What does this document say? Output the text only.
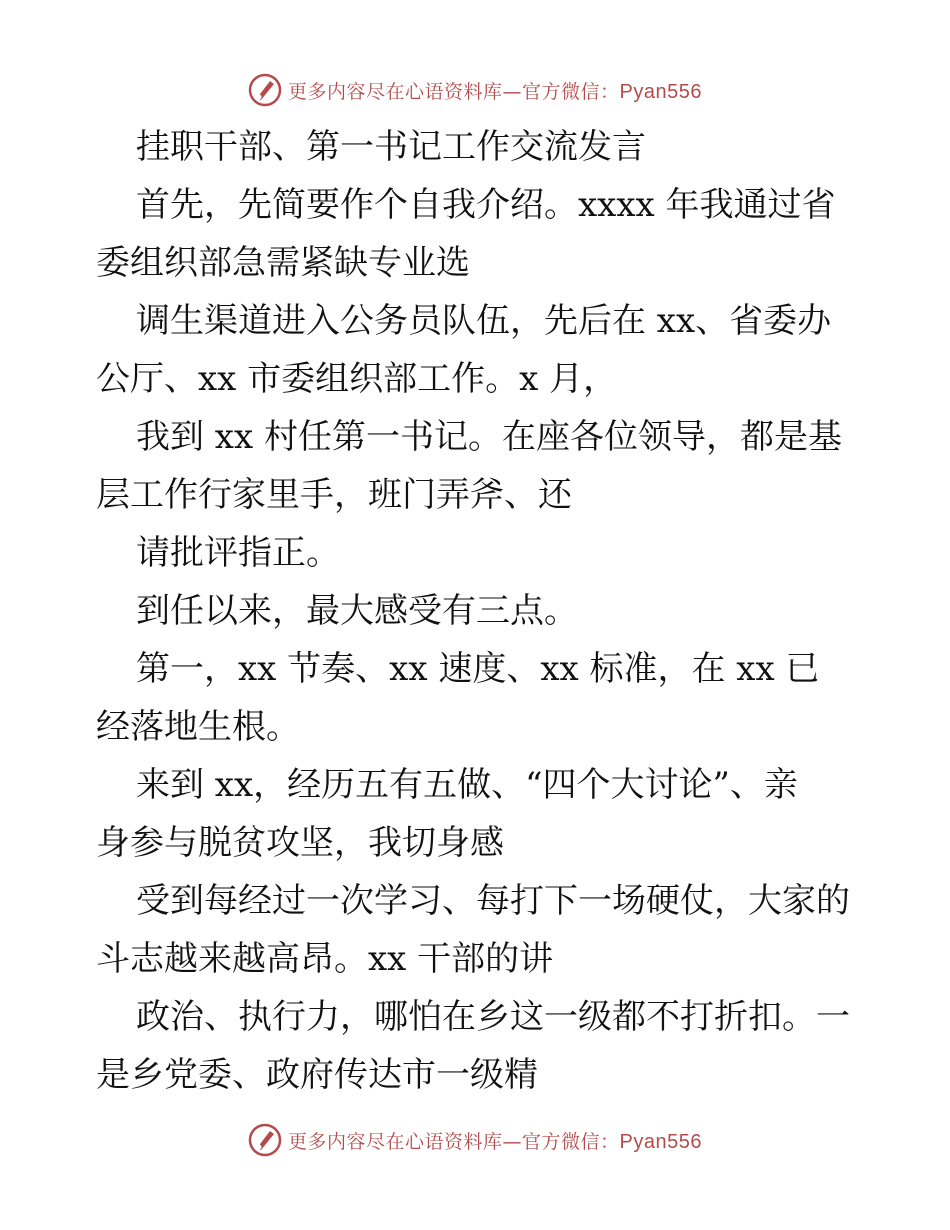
更多内容尽在心语资料库—官方微信：Pyan556

挂职干部、第一书记工作交流发言

首先，先简要作个自我介绍。xxxx 年我通过省

委组织部急需紧缺专业选

调生渠道进入公务员队伍，先后在 xx、省委办

公厅、xx 市委组织部工作。x 月，

我到 xx 村任第一书记。在座各位领导，都是基

层工作行家里手，班门弄斧、还

请批评指正。

到任以来，最大感受有三点。

第一，xx 节奏、xx 速度、xx 标准，在 xx 已

经落地生根。

来到 xx，经历五有五做、“四个大讨论”、亲

身参与脱贫攻坚，我切身感

受到每经过一次学习、每打下一场硬仗，大家的

斗志越来越高昂。xx 干部的讲

政治、执行力，哪怕在乡这一级都不打折扣。一

是乡党委、政府传达市一级精

更多内容尽在心语资料库—官方微信：Pyan556
